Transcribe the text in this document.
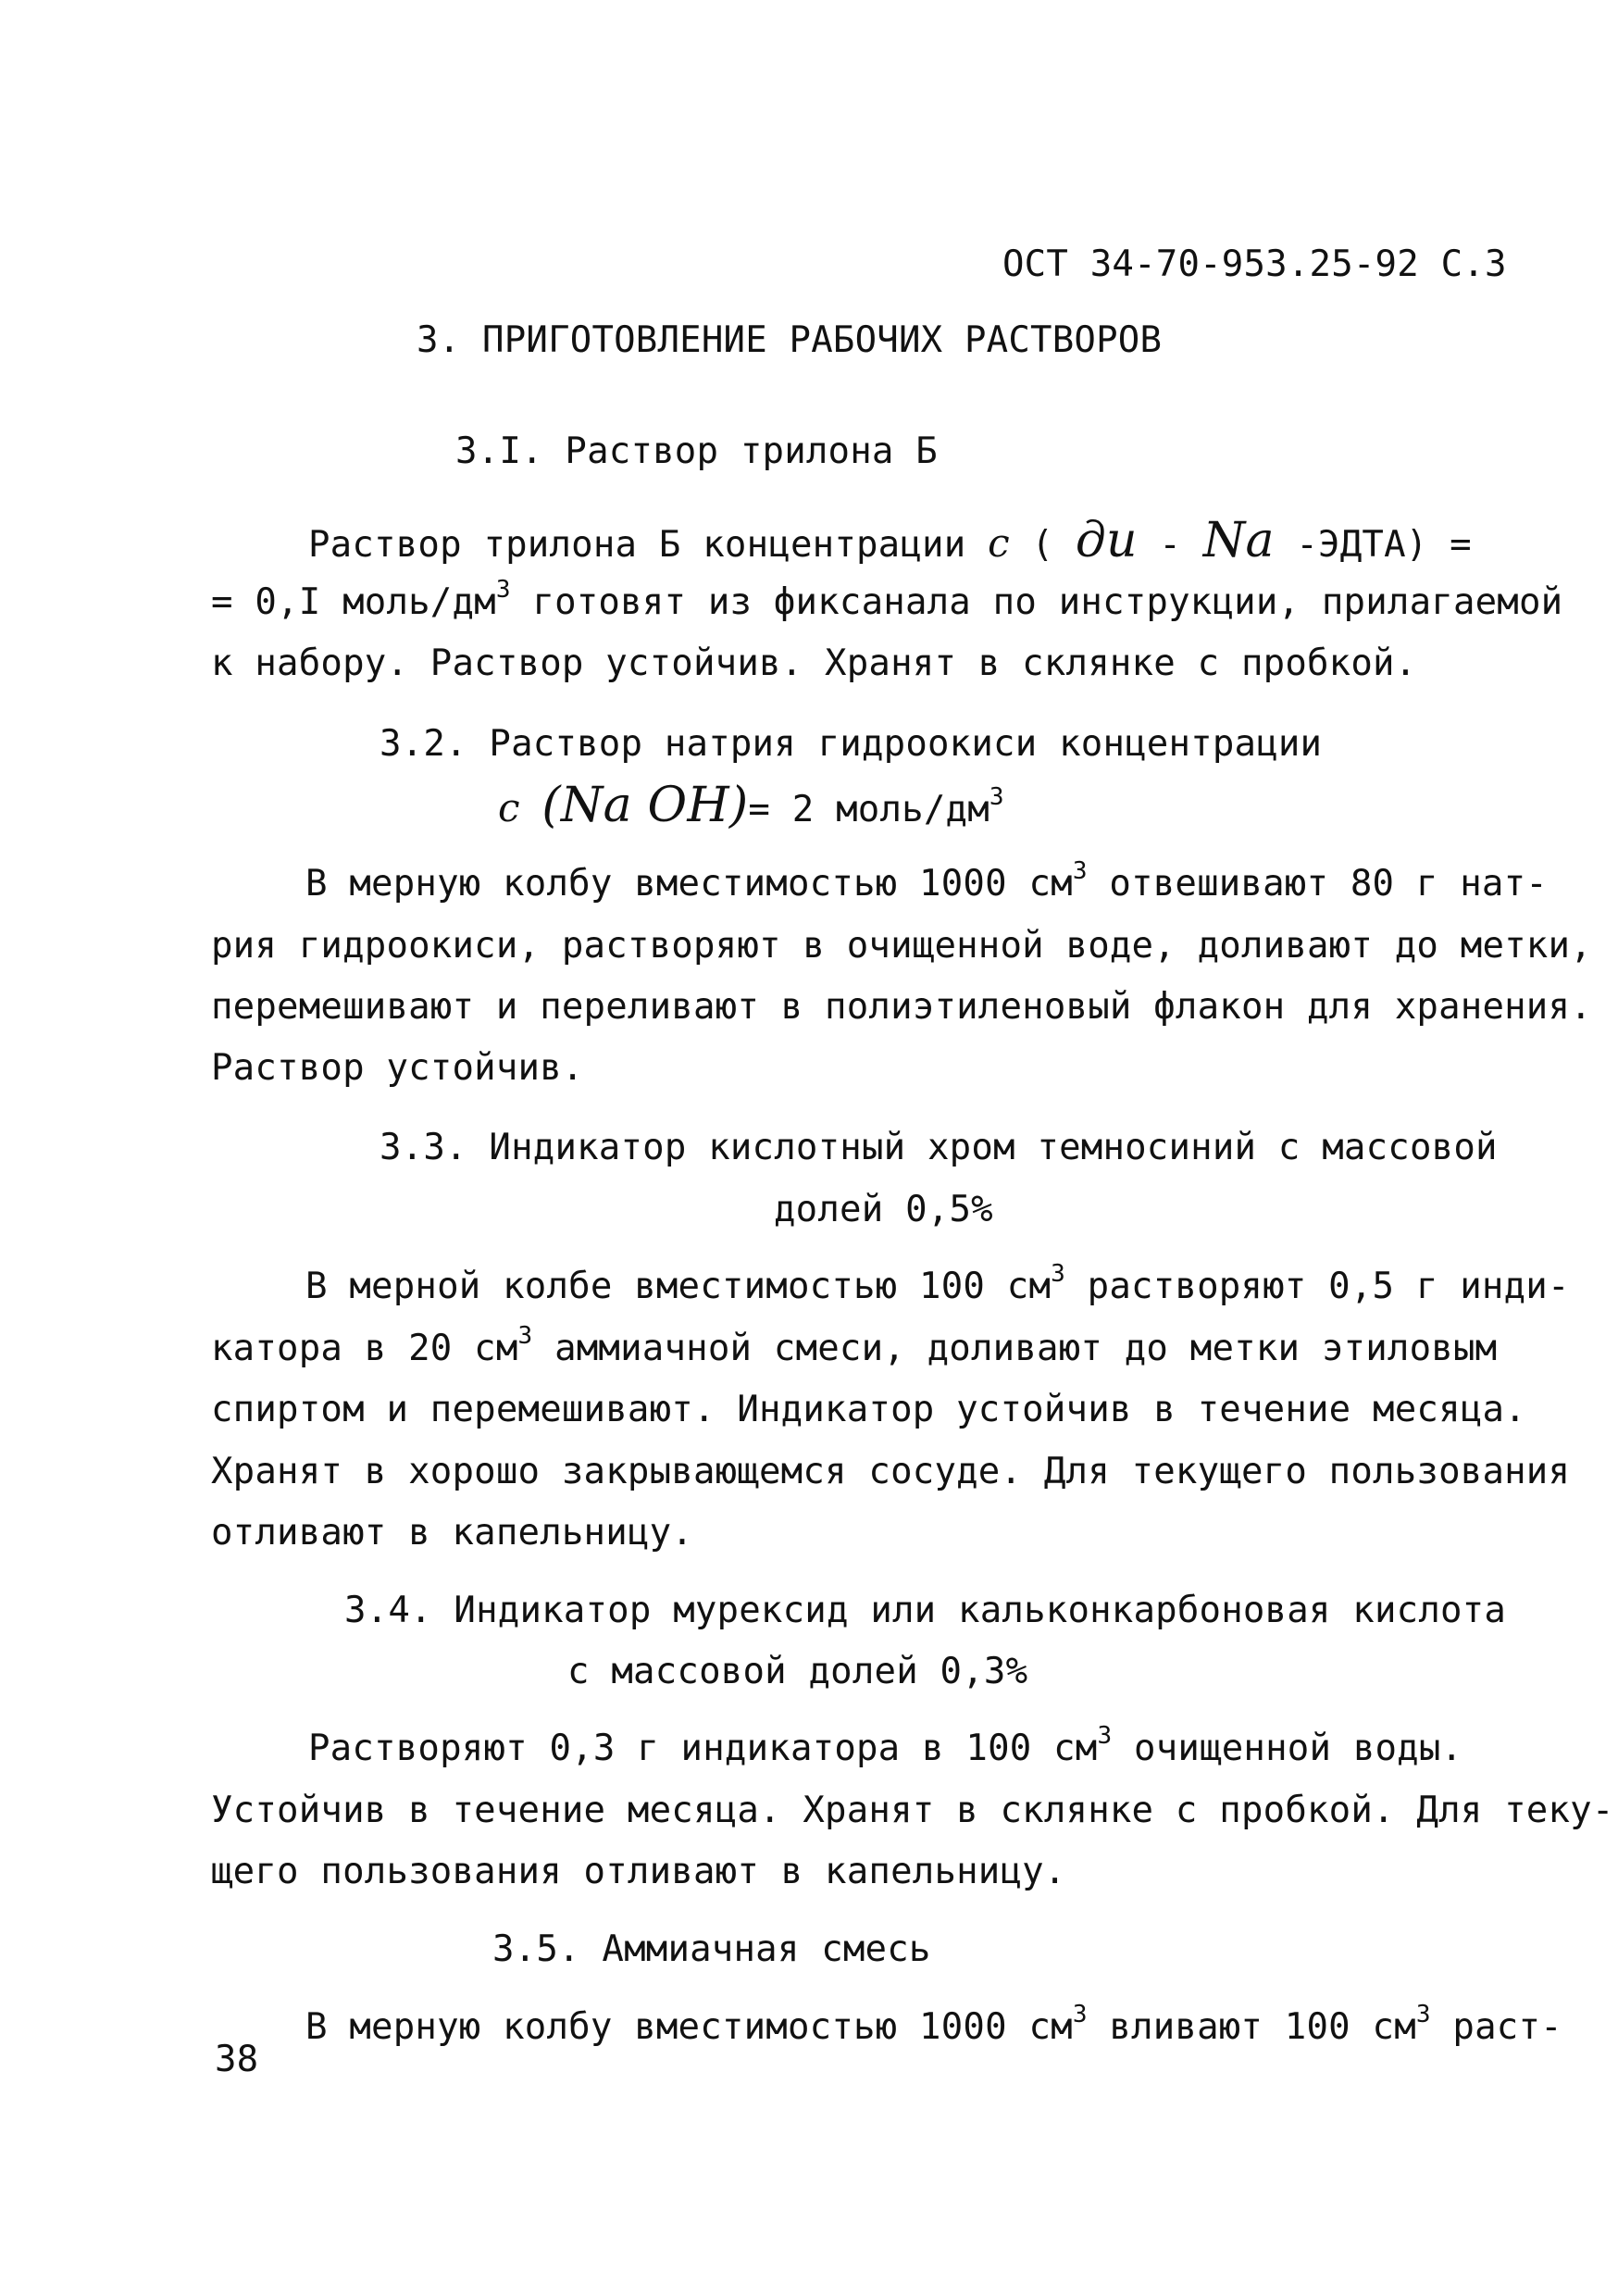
ОСТ 34-70-953.25-92 С.3
3. ПРИГОТОВЛЕНИЕ РАБОЧИХ РАСТВОРОВ
3.I. Раствор трилона Б
Раствор трилона Б концентрации с ( ди - Nа -ЭДТА) =
= 0,I моль/$дм^3$ готовят из фиксанала по инструкции, прилагаемой
к набору. Раствор устойчив. Хранят в склянке с пробкой.
3.2. Раствор натрия гидроокиси концентрации
с (Nа ОН)= 2 моль/$дм^3$
В мерную колбу вместимостью 1000 $см^3$ отвешивают 80 г нат-
рия гидроокиси, растворяют в очищенной воде, доливают до метки,
перемешивают и переливают в полиэтиленовый флакон для хранения.
Раствор устойчив.
3.3. Индикатор кислотный хром темносиний с массовой
долей 0,5%
В мерной колбе вместимостью 100 $см^3$ растворяют 0,5 г инди-
катора в 20 $см^3$ аммиачной смеси, доливают до метки этиловым
спиртом и перемешивают. Индикатор устойчив в течение месяца.
Хранят в хорошо закрывающемся сосуде. Для текущего пользования
отливают в капельницу.
3.4. Индикатор мурексид или кальконкарбоновая кислота
с массовой долей 0,3%
Растворяют 0,3 г индикатора в 100 $см^3$ очищенной воды.
Устойчив в течение месяца. Хранят в склянке с пробкой. Для теку-
щего пользования отливают в капельницу.
3.5. Аммиачная смесь
В мерную колбу вместимостью 1000 $см^3$ вливают 100 $см^3$ раст-
38
